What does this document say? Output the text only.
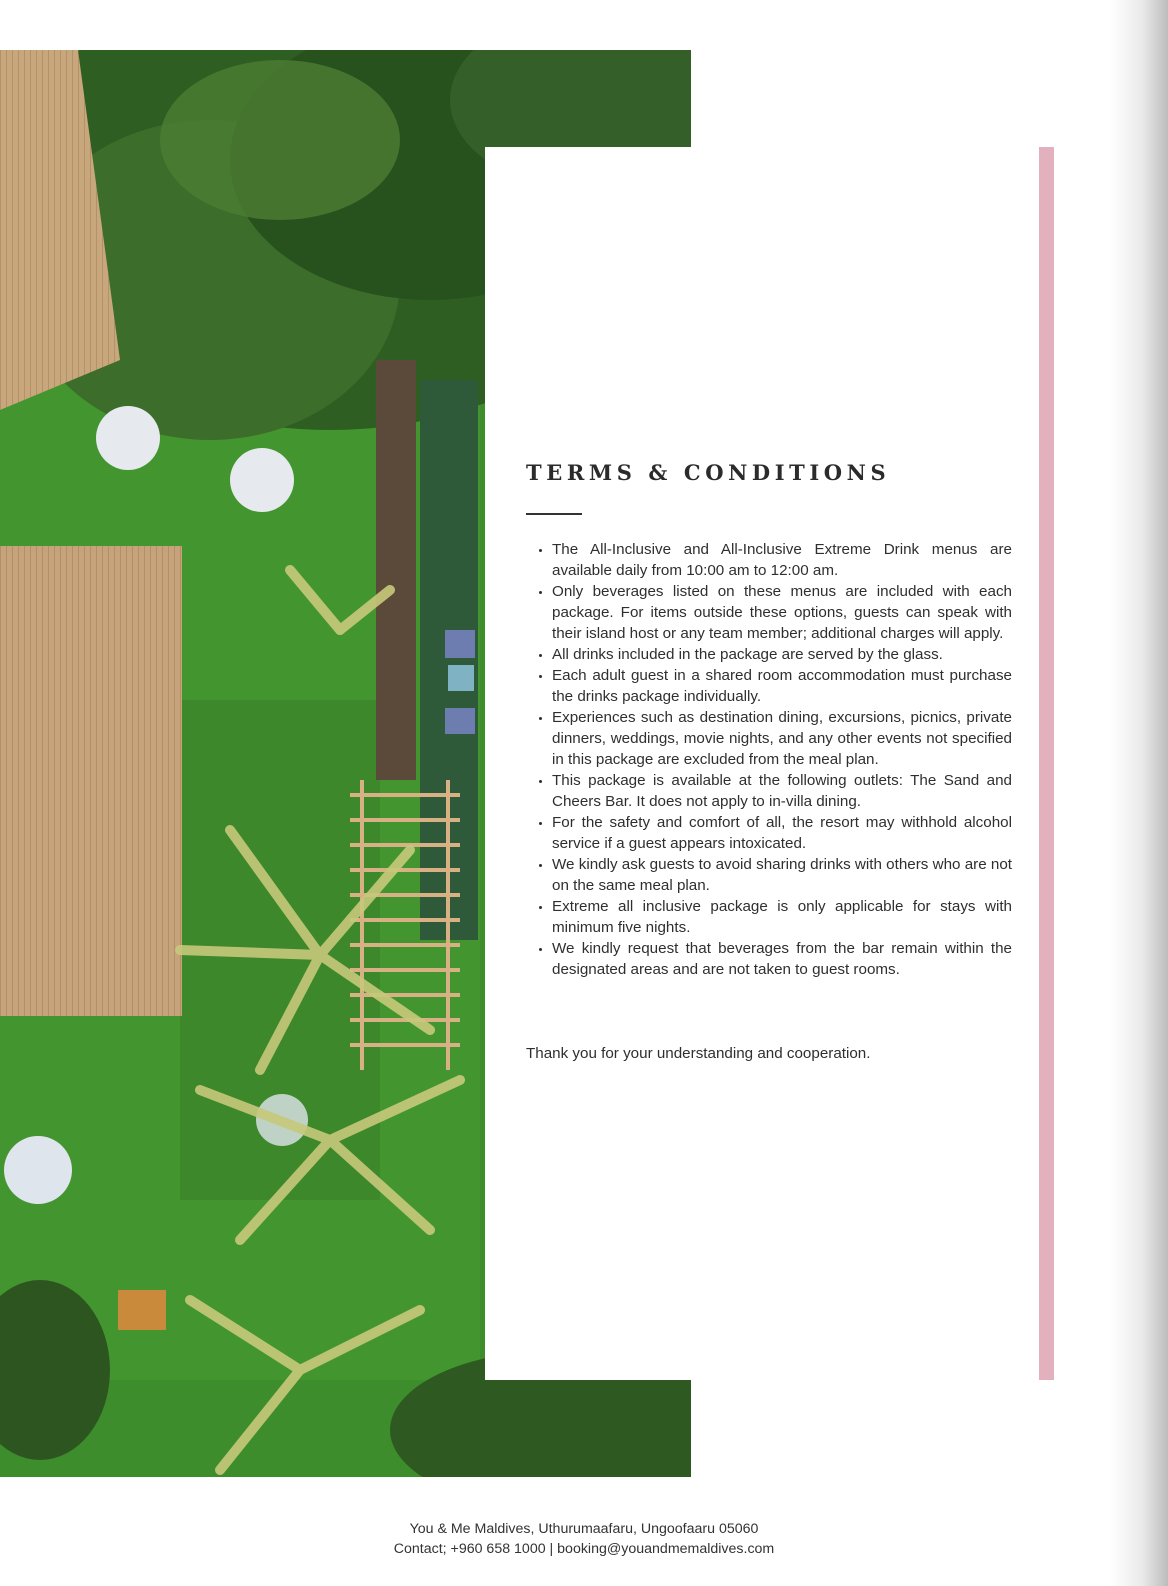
TERMS & CONDITIONS
• The All-Inclusive and All-Inclusive Extreme Drink menus are available daily from 10:00 am to 12:00 am.
• Only beverages listed on these menus are included with each package. For items outside these options, guests can speak with their island host or any team member; additional charges will apply.
• All drinks included in the package are served by the glass.
• Each adult guest in a shared room accommodation must purchase the drinks package individually.
• Experiences such as destination dining, excursions, picnics, private dinners, weddings, movie nights, and any other events not specified in this package are excluded from the meal plan.
• This package is available at the following outlets: The Sand and Cheers Bar. It does not apply to in-villa dining.
• For the safety and comfort of all, the resort may withhold alcohol service if a guest appears intoxicated.
• We kindly ask guests to avoid sharing drinks with others who are not on the same meal plan.
• Extreme all inclusive package is only applicable for stays with minimum five nights.
• We kindly request that beverages from the bar remain within the designated areas and are not taken to guest rooms.

Thank you for your understanding and cooperation.

You & Me Maldives, Uthurumaafaru, Ungoofaaru 05060
Contact; +960 658 1000 | booking@youandmemaldives.com
